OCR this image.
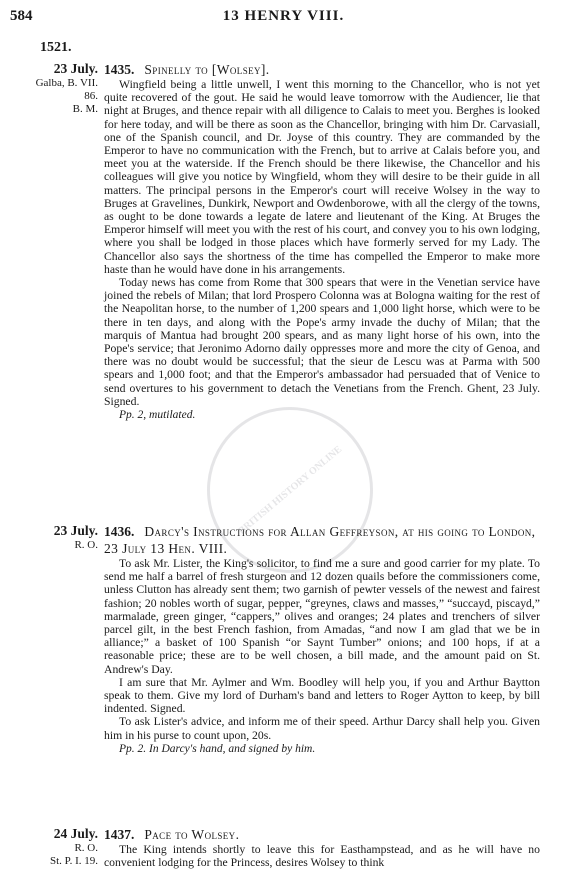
584	13 HENRY VIII.
1521.
23 July.
Galba, B. VII.
86.
B. M.
1435. Spinelly to [Wolsey].

Wingfield being a little unwell, I went this morning to the Chancellor, who is not yet quite recovered of the gout. He said he would leave tomorrow with the Audiencer, lie that night at Bruges, and thence repair with all diligence to Calais to meet you. Berghes is looked for here today, and will be there as soon as the Chancellor, bringing with him Dr. Carvasiall, one of the Spanish council, and Dr. Joyse of this country. They are commanded by the Emperor to have no communication with the French, but to arrive at Calais before you, and meet you at the waterside. If the French should be there likewise, the Chancellor and his colleagues will give you notice by Wingfield, whom they will desire to be their guide in all matters. The principal persons in the Emperor's court will receive Wolsey in the way to Bruges at Gravelines, Dunkirk, Newport and Owdenborowe, with all the clergy of the towns, as ought to be done towards a legate de latere and lieutenant of the King. At Bruges the Emperor himself will meet you with the rest of his court, and convey you to his own lodging, where you shall be lodged in those places which have formerly served for my Lady. The Chancellor also says the shortness of the time has compelled the Emperor to make more haste than he would have done in his arrangements.

Today news has come from Rome that 300 spears that were in the Venetian service have joined the rebels of Milan; that lord Prospero Colonna was at Bologna waiting for the rest of the Neapolitan horse, to the number of 1,200 spears and 1,000 light horse, which were to be there in ten days, and along with the Pope's army invade the duchy of Milan; that the marquis of Mantua had brought 200 spears, and as many light horse of his own, into the Pope's service; that Jeronimo Adorno daily oppresses more and more the city of Genoa, and there was no doubt would be successful; that the sieur de Lescu was at Parma with 500 spears and 1,000 foot; and that the Emperor's ambassador had persuaded that of Venice to send overtures to his government to detach the Venetians from the French. Ghent, 23 July. Signed.

Pp. 2, mutilated.

23 July.
R. O.
1436. Darcy's Instructions for Allan Geffreyson, at his going to London, 23 July 13 Hen. VIII.

To ask Mr. Lister, the King's solicitor, to find me a sure and good carrier for my plate. To send me half a barrel of fresh sturgeon and 12 dozen quails before the commissioners come, unless Clutton has already sent them; two garnish of pewter vessels of the newest and fairest fashion; 20 nobles worth of sugar, pepper, “greynes, claws and masses,” “succayd, piscayd,” marmalade, green ginger, “cappers,” olives and oranges; 24 plates and trenchers of silver parcel gilt, in the best French fashion, from Amadas, “and now I am glad that we be in alliance;” a basket of 100 Spanish “or Saynt Tumber” onions; and 100 hops, if at a reasonable price; these are to be well chosen, a bill made, and the amount paid on St. Andrew's Day.

I am sure that Mr. Aylmer and Wm. Boodley will help you, if you and Arthur Baytton speak to them. Give my lord of Durham's band and letters to Roger Aytton to keep, by bill indented. Signed.

To ask Lister's advice, and inform me of their speed. Arthur Darcy shall help you. Given him in his purse to count upon, 20s.

Pp. 2. In Darcy's hand, and signed by him.

24 July.
R. O.
St. P. I. 19.
1437. Pace to Wolsey.

The King intends shortly to leave this for Easthampstead, and as he will have no convenient lodging for the Princess, desires Wolsey to think

BRITISH HISTORY ONLINE
